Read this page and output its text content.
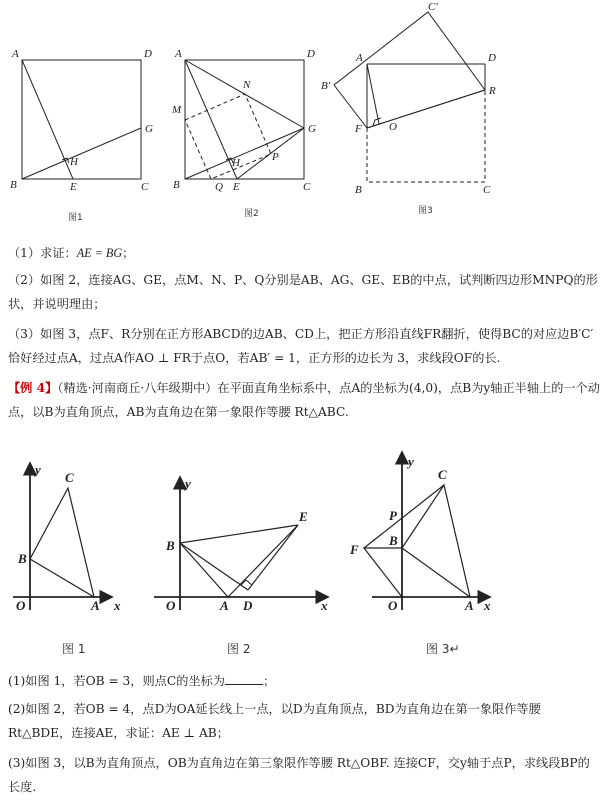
A	D
H
G
B	E	C
图1
A	D
N
M
G
H	P
B	Q E	C
图2
C′
A	D
B′	R
F O
B	C
图3
y
C
B
O	A x
图 1
y
E
B
O	A D	x
图 2
y
C
P
F
B
O	A x
图 3↵

（1）求证：AE = BG；

（2）如图 2，连接AG、GE，点M、N、P、Q分别是AB、AG、GE、EB的中点，试判断四边形MNPQ的形状，并说明理由；

（3）如图 3，点F、R分别在正方形ABCD的边AB、CD上，把正方形沿直线FR翻折，使得BC的对应边B′C′恰好经过点A，过点A作AO ⊥ FR于点O，若AB′ = 1，正方形的边长为 3，求线段OF的长.

【例 4】（精选·河南商丘·八年级期中）在平面直角坐标系中，点A的坐标为(4,0)，点B为y轴正半轴上的一个动点，以B为直角顶点，AB为直角边在第一象限作等腰 Rt△ABC.

(1)如图 1，若OB = 3，则点C的坐标为	；

(2)如图 2，若OB = 4，点D为OA延长线上一点，以D为直角顶点，BD为直角边在第一象限作等腰 Rt△BDE，连接AE，求证：AE ⊥ AB；

(3)如图 3，以B为直角顶点，OB为直角边在第三象限作等腰 Rt△OBF. 连接CF，交y轴于点P，求线段BP的长度.
